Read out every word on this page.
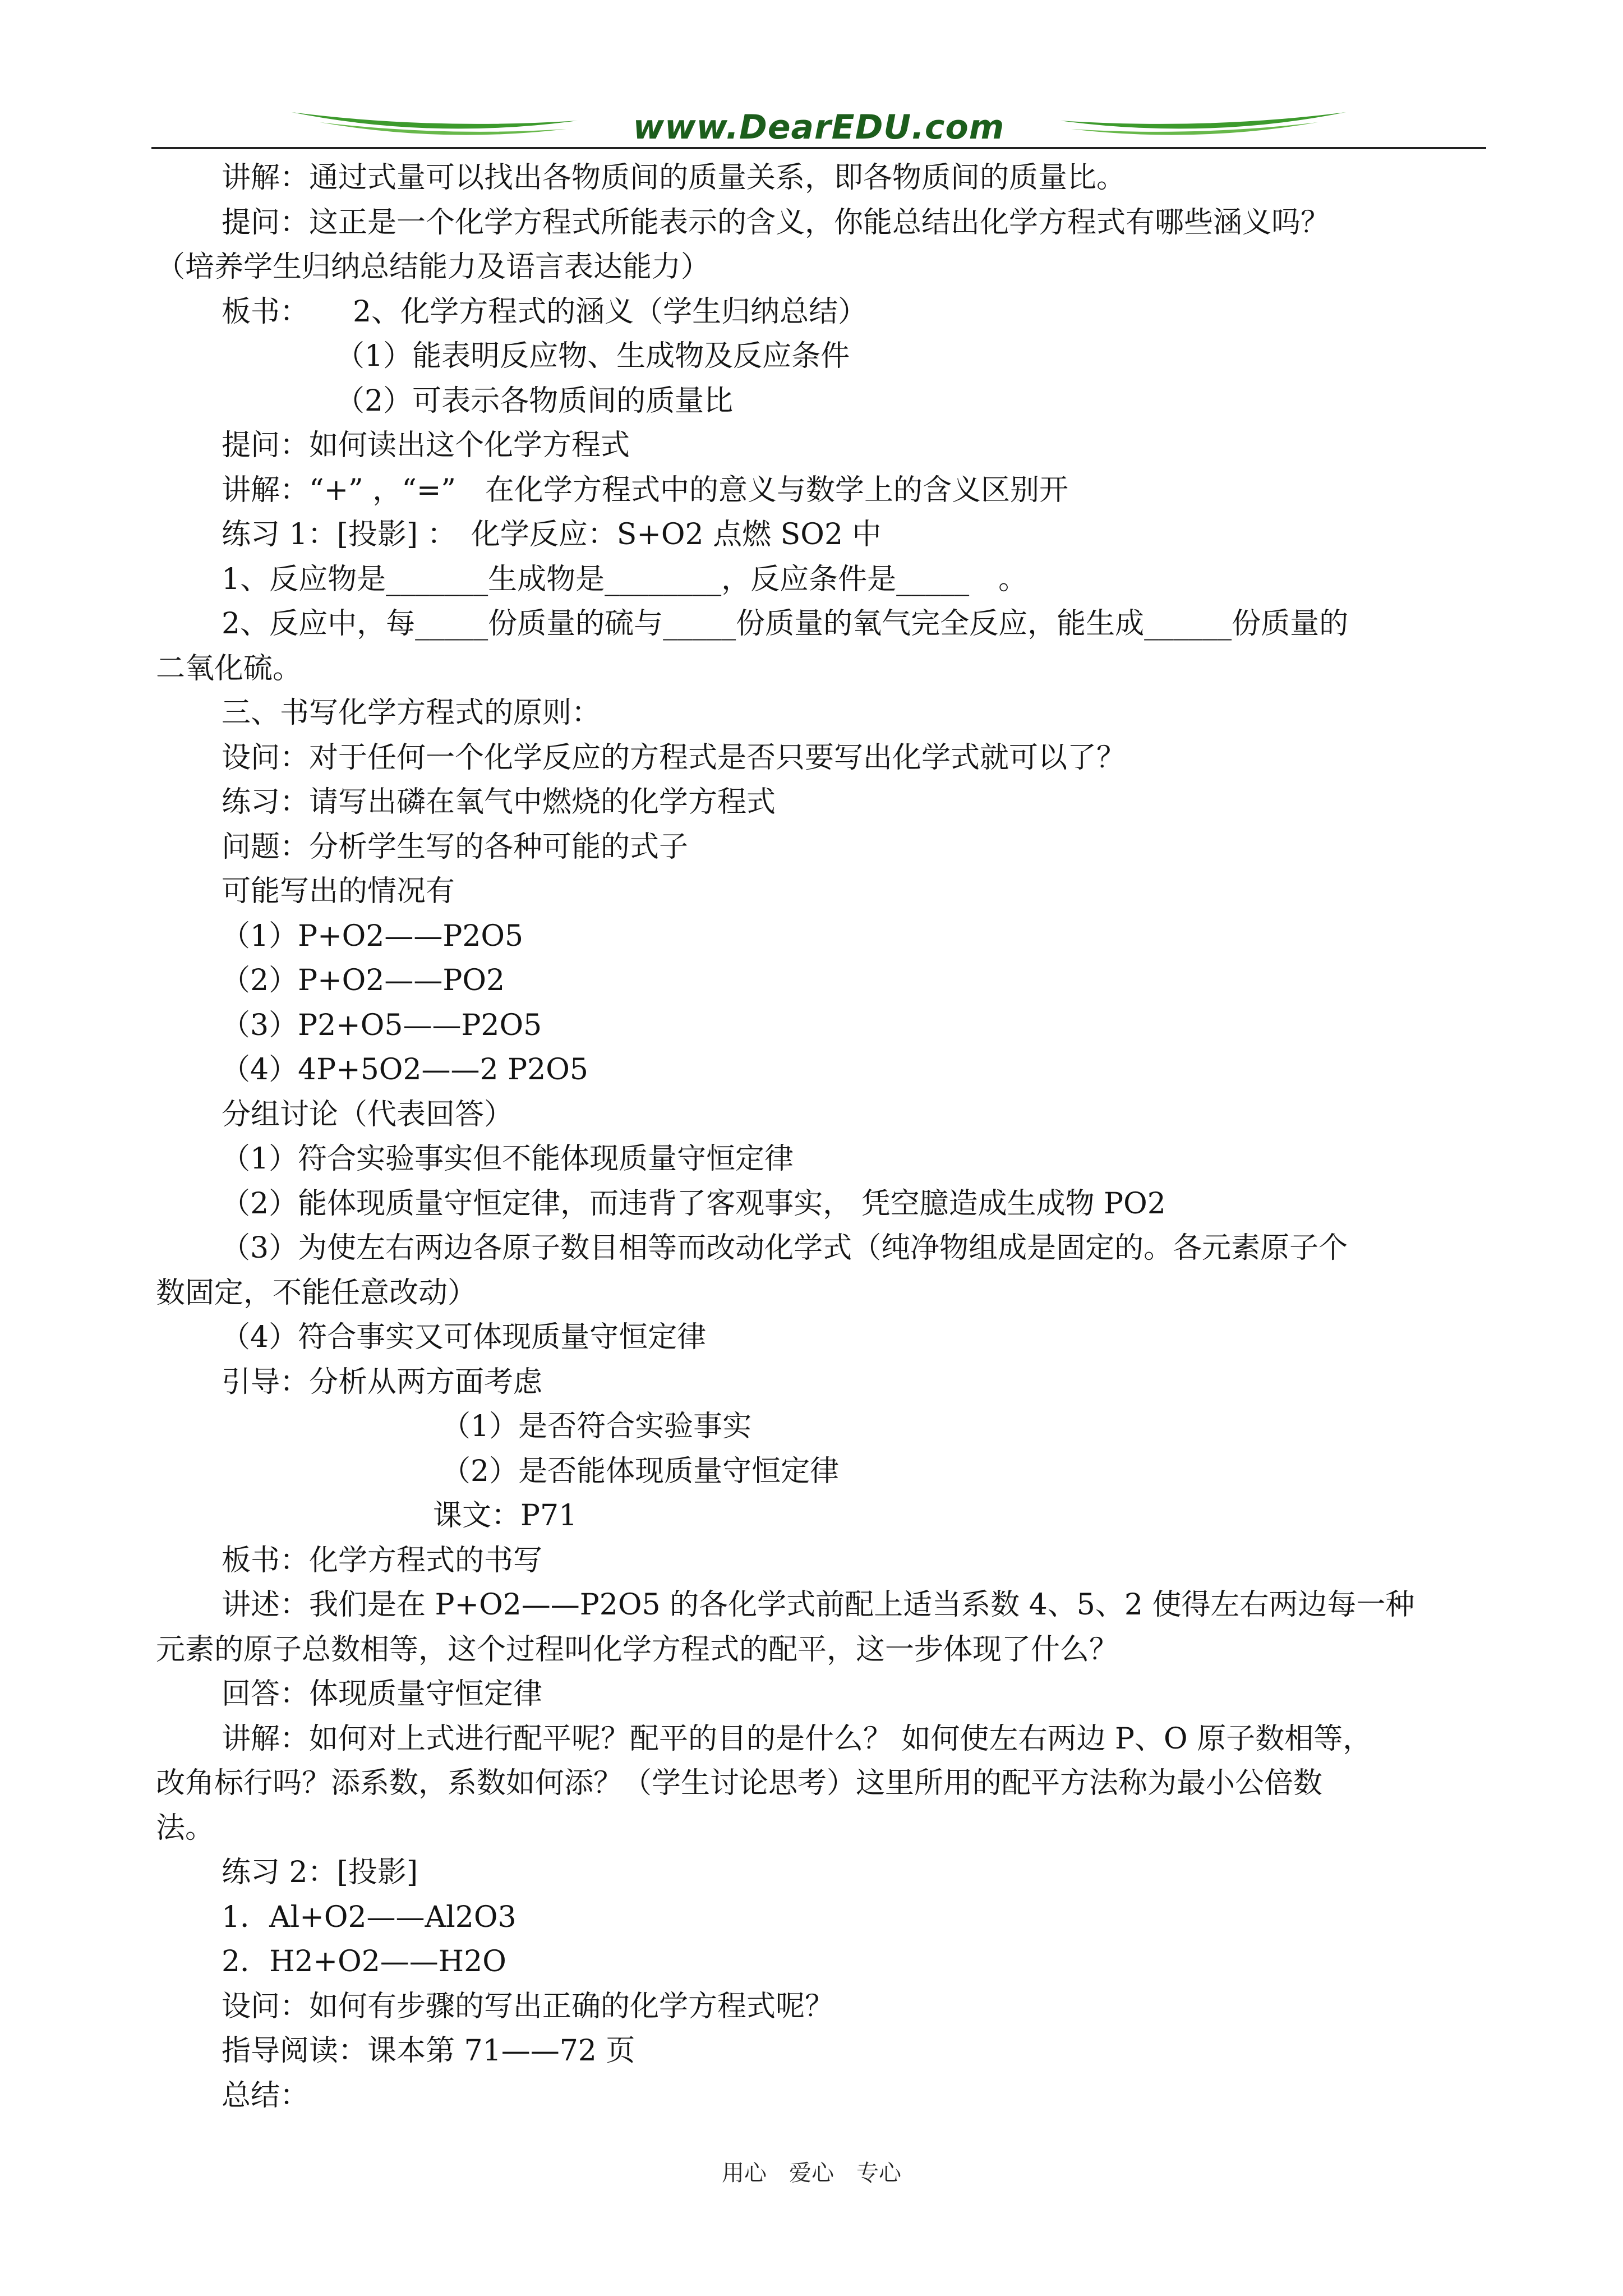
www.DearEDU.com
讲解：通过式量可以找出各物质间的质量关系，即各物质间的质量比。
提问：这正是一个化学方程式所能表示的含义，你能总结出化学方程式有哪些涵义吗？
（培养学生归纳总结能力及语言表达能力）
板书：　　2、化学方程式的涵义（学生归纳总结）
（1）能表明反应物、生成物及反应条件
（2）可表示各物质间的质量比
提问：如何读出这个化学方程式
讲解：“+” ，“=”　在化学方程式中的意义与数学上的含义区别开
练习 1：[投影] ：　化学反应：S+O2 点燃 SO2 中
1、反应物是_______生成物是________，反应条件是_____　。
2、反应中，每_____份质量的硫与_____份质量的氧气完全反应，能生成______份质量的
二氧化硫。
三、书写化学方程式的原则：
设问：对于任何一个化学反应的方程式是否只要写出化学式就可以了？
练习：请写出磷在氧气中燃烧的化学方程式
问题：分析学生写的各种可能的式子
可能写出的情况有
（1）P+O2——P2O5
（2）P+O2——PO2
（3）P2+O5——P2O5
（4）4P+5O2——2 P2O5
分组讨论（代表回答）
（1）符合实验事实但不能体现质量守恒定律
（2）能体现质量守恒定律，而违背了客观事实， 凭空臆造成生成物 PO2
（3）为使左右两边各原子数目相等而改动化学式（纯净物组成是固定的。各元素原子个
数固定，不能任意改动）
（4）符合事实又可体现质量守恒定律
引导：分析从两方面考虑
（1）是否符合实验事实
（2）是否能体现质量守恒定律
课文：P71
板书：化学方程式的书写
讲述：我们是在 P+O2——P2O5 的各化学式前配上适当系数 4、5、2 使得左右两边每一种
元素的原子总数相等，这个过程叫化学方程式的配平，这一步体现了什么？
回答：体现质量守恒定律
讲解：如何对上式进行配平呢？配平的目的是什么？ 如何使左右两边 P、O 原子数相等，
改角标行吗？添系数，系数如何添？（学生讨论思考）这里所用的配平方法称为最小公倍数
法。
练习 2：[投影]
1．Al+O2——Al2O3
2．H2+O2——H2O
设问：如何有步骤的写出正确的化学方程式呢？
指导阅读：课本第 71——72 页
总结：
用心　爱心　专心
